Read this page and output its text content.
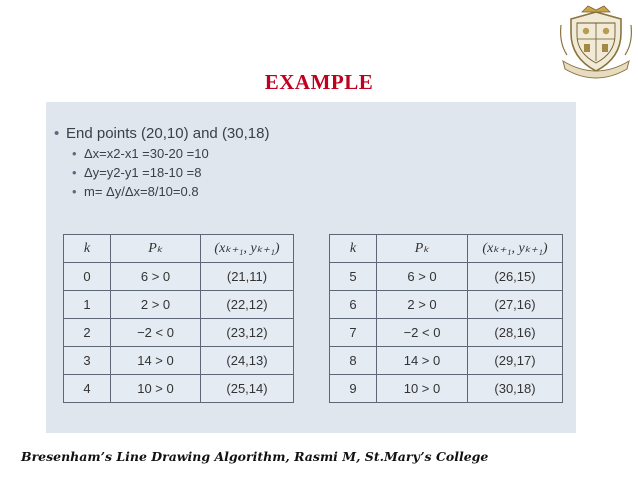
EXAMPLE
• End points (20,10) and (30,18)
• Δx=x2-x1 =30-20 =10
• Δy=y2-y1 =18-10 =8
• m= Δy/Δx=8/10=0.8
k	Pₖ	(xₖ₊₁, yₖ₊₁)
0	6 > 0	(21,11)
1	2 > 0	(22,12)
2	−2 < 0	(23,12)
3	14 > 0	(24,13)
4	10 > 0	(25,14)
k	Pₖ	(xₖ₊₁, yₖ₊₁)
5	6 > 0	(26,15)
6	2 > 0	(27,16)
7	−2 < 0	(28,16)
8	14 > 0	(29,17)
9	10 > 0	(30,18)
Bresenham’s Line Drawing Algorithm, Rasmi M, St.Mary’s College
